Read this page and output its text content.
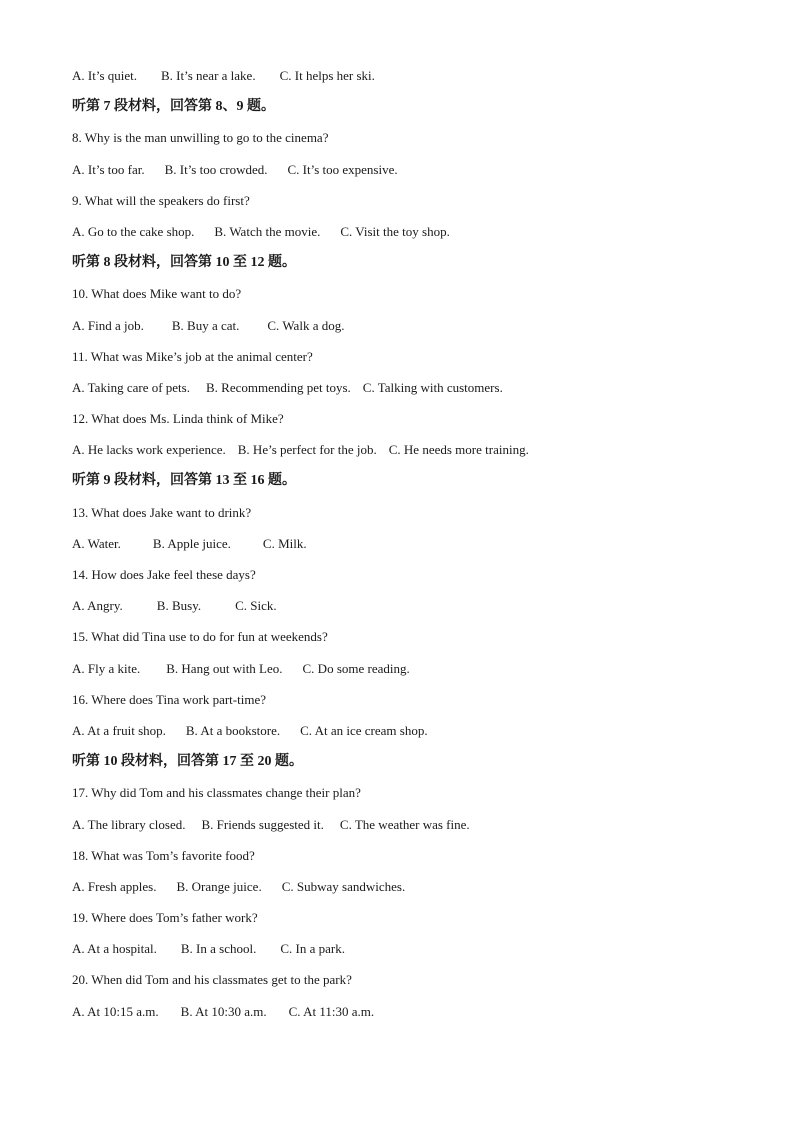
A. It’s quiet. B. It’s near a lake. C. It helps her ski.
听第 7 段材料，回答第 8、9 题。
8. Why is the man unwilling to go to the cinema?
A. It’s too far. B. It’s too crowded. C. It’s too expensive.
9. What will the speakers do first?
A. Go to the cake shop. B. Watch the movie. C. Visit the toy shop.
听第 8 段材料，回答第 10 至 12 题。
10. What does Mike want to do?
A. Find a job. B. Buy a cat. C. Walk a dog.
11. What was Mike’s job at the animal center?
A. Taking care of pets. B. Recommending pet toys. C. Talking with customers.
12. What does Ms. Linda think of Mike?
A. He lacks work experience. B. He’s perfect for the job. C. He needs more training.
听第 9 段材料，回答第 13 至 16 题。
13. What does Jake want to drink?
A. Water. B. Apple juice. C. Milk.
14. How does Jake feel these days?
A. Angry.	B. Busy.	C. Sick.
15. What did Tina use to do for fun at weekends?
A. Fly a kite. B. Hang out with Leo. C. Do some reading.
16. Where does Tina work part-time?
A. At a fruit shop. B. At a bookstore. C. At an ice cream shop.
听第 10 段材料，回答第 17 至 20 题。
17. Why did Tom and his classmates change their plan?
A. The library closed. B. Friends suggested it. C. The weather was fine.
18. What was Tom’s favorite food?
A. Fresh apples. B. Orange juice. C. Subway sandwiches.
19. Where does Tom’s father work?
A. At a hospital. B. In a school. C. In a park.
20. When did Tom and his classmates get to the park?
A. At 10:15 a.m. B. At 10:30 a.m. C. At 11:30 a.m.
